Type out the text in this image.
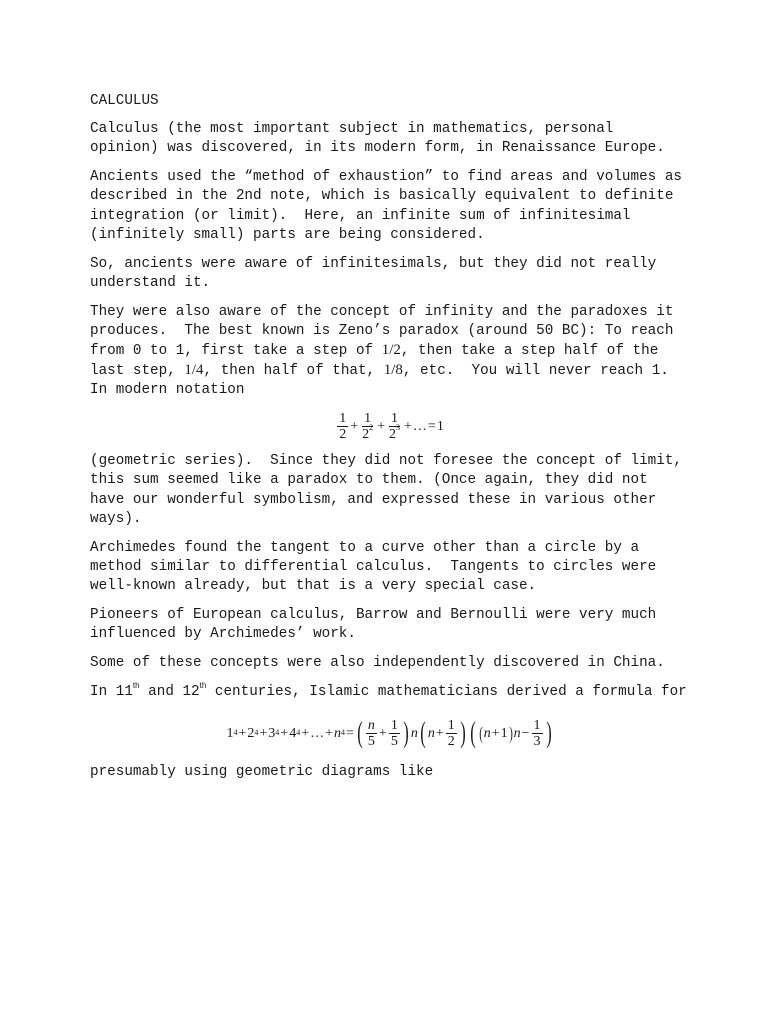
CALCULUS

Calculus (the most important subject in mathematics, personal opinion) was discovered, in its modern form, in Renaissance Europe.

Ancients used the “method of exhaustion” to find areas and volumes as described in the 2nd note, which is basically equivalent to definite integration (or limit).  Here, an infinite sum of infinitesimal (infinitely small) parts are being considered.

So, ancients were aware of infinitesimals, but they did not really understand it.

They were also aware of the concept of infinity and the paradoxes it produces.  The best known is Zeno’s paradox (around 50 BC): To reach from 0 to 1, first take a step of 1/2, then take a step half of the last step, 1/4, then half of that, 1/8, etc.  You will never reach 1.  In modern notation

$\frac{1}{2} + \frac{1}{2^2} + \frac{1}{2^3}$ + … = 1

(geometric series).  Since they did not foresee the concept of limit, this sum seemed like a paradox to them. (Once again, they did not have our wonderful symbolism, and expressed these in various other ways).

Archimedes found the tangent to a curve other than a circle by a method similar to differential calculus.  Tangents to circles were well-known already, but that is a very special case.

Pioneers of European calculus, Barrow and Bernoulli were very much influenced by Archimedes’ work.

Some of these concepts were also independently discovered in China.

In 11th and 12th centuries, Islamic mathematicians derived a formula for

1 4 + 2 4 + 3 4 + 4 4 + … + n 4 = ( $\frac{n}{5} + \frac{1}{5}$ ) n ( $n + \frac{1}{2}$ ) ( ( n + 1 ) $n - \frac{1}{3}$ )

presumably using geometric diagrams like
